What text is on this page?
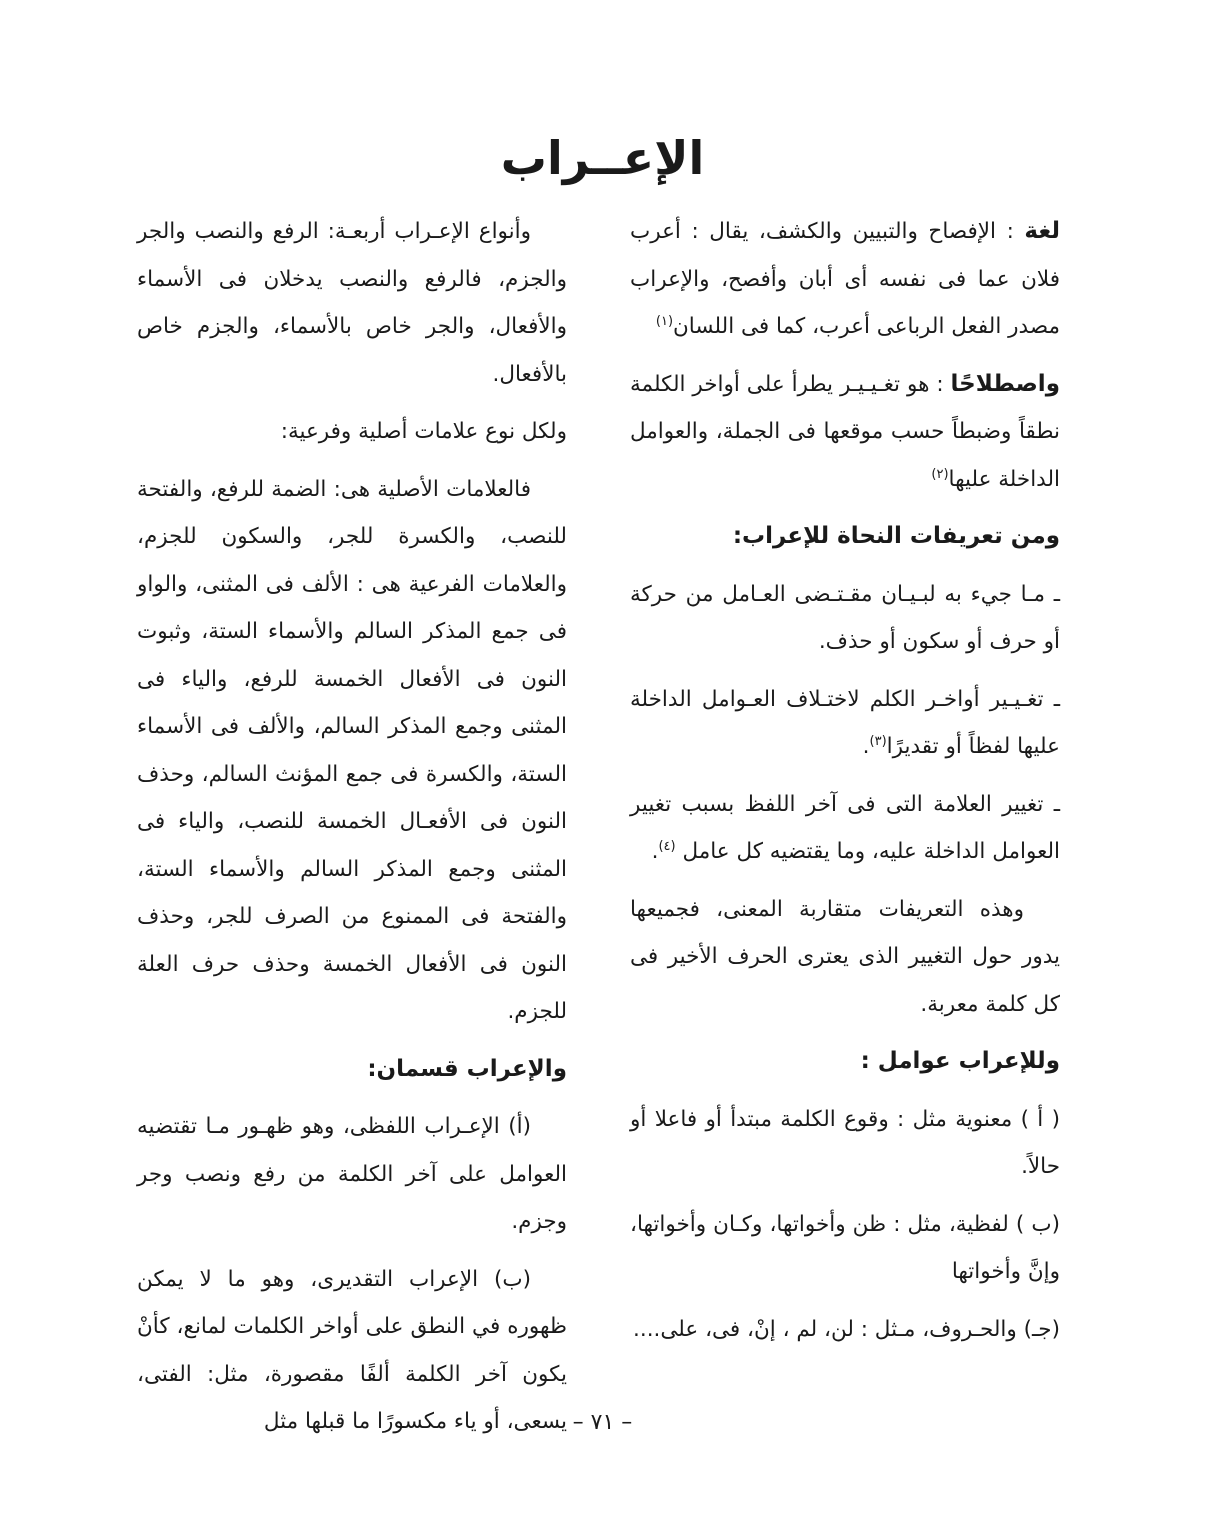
الإعــراب

لغة : الإفصاح والتبيين والكشف، يقال : أعرب فلان عما فى نفسه أى أبان وأفصح، والإعراب مصدر الفعل الرباعى أعرب، كما فى اللسان$^{(١)}$

واصطلاحًا : هو تغـيـيـر يطرأ على أواخر الكلمة نطقاً وضبطاً حسب موقعها فى الجملة، والعوامل الداخلة عليها$^{(٢)}$

ومن تعريفات النحاة للإعراب:

ـ مـا جيء به لبـيـان مقـتـضى العـامل من حركة أو حرف أو سكون أو حذف.

ـ تغـيـير أواخـر الكلم لاختـلاف العـوامل الداخلة عليها لفظاً أو تقديرًا$^{(٣)}$.

ـ تغيير العلامة التى فى آخر اللفظ بسبب تغيير العوامل الداخلة عليه، وما يقتضيه كل عامل $^{(٤)}$.

وهذه التعريفات متقاربة المعنى، فجميعها يدور حول التغيير الذى يعترى الحرف الأخير فى كل كلمة معربة.

وللإعراب عوامل :

( أ ) معنوية مثل : وقوع الكلمة مبتدأ أو فاعلا أو حالاً.

(ب ) لفظية، مثل : ظن وأخواتها، وكـان وأخواتها، وإنَّ وأخواتها

(جـ) والحـروف، مـثل : لن، لم ، إنْ، فى، على....

وأنواع الإعـراب أربعـة: الرفع والنصب والجر والجزم، فالرفع والنصب يدخلان فى الأسماء والأفعال، والجر خاص بالأسماء، والجزم خاص بالأفعال.

ولكل نوع علامات أصلية وفرعية:

فالعلامات الأصلية هى: الضمة للرفع، والفتحة للنصب، والكسرة للجر، والسكون للجزم، والعلامات الفرعية هى : الألف فى المثنى، والواو فى جمع المذكر السالم والأسماء الستة، وثبوت النون فى الأفعال الخمسة للرفع، والياء فى المثنى وجمع المذكر السالم، والألف فى الأسماء الستة، والكسرة فى جمع المؤنث السالم، وحذف النون فى الأفعـال الخمسة للنصب، والياء فى المثنى وجمع المذكر السالم والأسماء الستة، والفتحة فى الممنوع من الصرف للجر، وحذف النون فى الأفعال الخمسة وحذف حرف العلة للجزم.

والإعراب قسمان:

(أ) الإعـراب اللفظى، وهو ظهـور مـا تقتضيه العوامل على آخر الكلمة من رفع ونصب وجر وجزم.

(ب) الإعراب التقديرى، وهو ما لا يمكن ظهوره في النطق على أواخر الكلمات لمانع، كأنْ يكون آخر الكلمة ألفًا مقصورة، مثل: الفتى، يسعى، أو ياء مكسورًا ما قبلها مثل – ٧١ –
